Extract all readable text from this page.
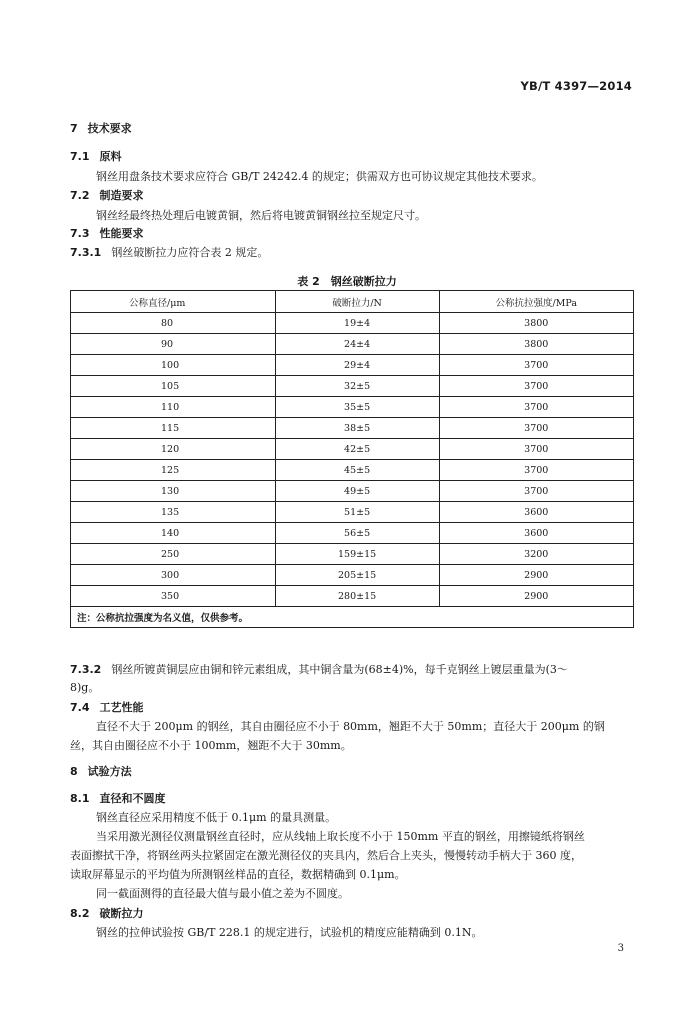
YB/T 4397—2014
7 技术要求
7.1 原料
钢丝用盘条技术要求应符合 GB/T 24242.4 的规定；供需双方也可协议规定其他技术要求。
7.2 制造要求
钢丝经最终热处理后电镀黄铜，然后将电镀黄铜钢丝拉至规定尺寸。
7.3 性能要求
7.3.1 钢丝破断拉力应符合表 2 规定。
表 2　钢丝破断拉力
公称直径/μm	破断拉力/N	公称抗拉强度/MPa
80	19±4	3800
90	24±4	3800
100	29±4	3700
105	32±5	3700
110	35±5	3700
115	38±5	3700
120	42±5	3700
125	45±5	3700
130	49±5	3700
135	51±5	3600
140	56±5	3600
250	159±15	3200
300	205±15	2900
350	280±15	2900
注：公称抗拉强度为名义值，仅供参考。		
7.3.2 钢丝所镀黄铜层应由铜和锌元素组成，其中铜含量为(68±4)%，每千克钢丝上镀层重量为(3～
8)g。
7.4 工艺性能
直径不大于 200μm 的钢丝，其自由圈径应不小于 80mm，翘距不大于 50mm；直径大于 200μm 的钢
丝，其自由圈径应不小于 100mm，翘距不大于 30mm。
8 试验方法
8.1 直径和不圆度
钢丝直径应采用精度不低于 0.1μm 的量具测量。
当采用激光测径仪测量钢丝直径时，应从线轴上取长度不小于 150mm 平直的钢丝，用擦镜纸将钢丝
表面擦拭干净，将钢丝两头拉紧固定在激光测径仪的夹具内，然后合上夹头，慢慢转动手柄大于 360 度，
读取屏幕显示的平均值为所测钢丝样品的直径，数据精确到 0.1μm。
同一截面测得的直径最大值与最小值之差为不圆度。
8.2 破断拉力
钢丝的拉伸试验按 GB/T 228.1 的规定进行，试验机的精度应能精确到 0.1N。
3
